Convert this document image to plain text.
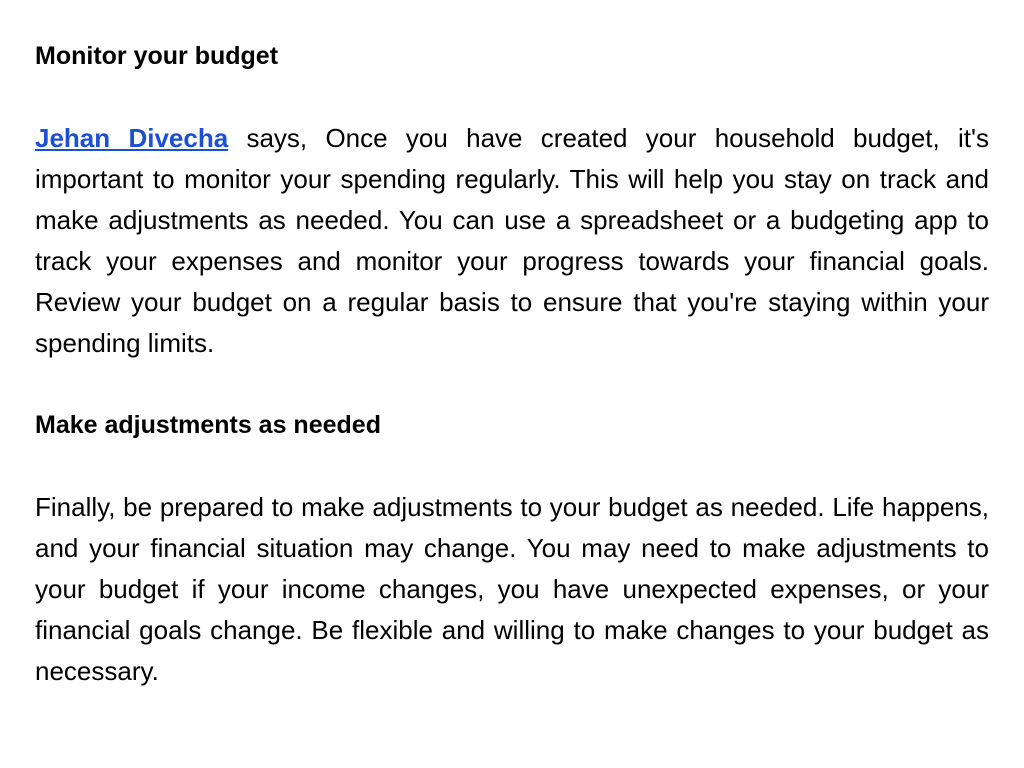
Monitor your budget

Jehan Divecha says, Once you have created your household budget, it's important to monitor your spending regularly. This will help you stay on track and make adjustments as needed. You can use a spreadsheet or a budgeting app to track your expenses and monitor your progress towards your financial goals. Review your budget on a regular basis to ensure that you're staying within your spending limits.

Make adjustments as needed

Finally, be prepared to make adjustments to your budget as needed. Life happens, and your financial situation may change. You may need to make adjustments to your budget if your income changes, you have unexpected expenses, or your financial goals change. Be flexible and willing to make changes to your budget as necessary.
